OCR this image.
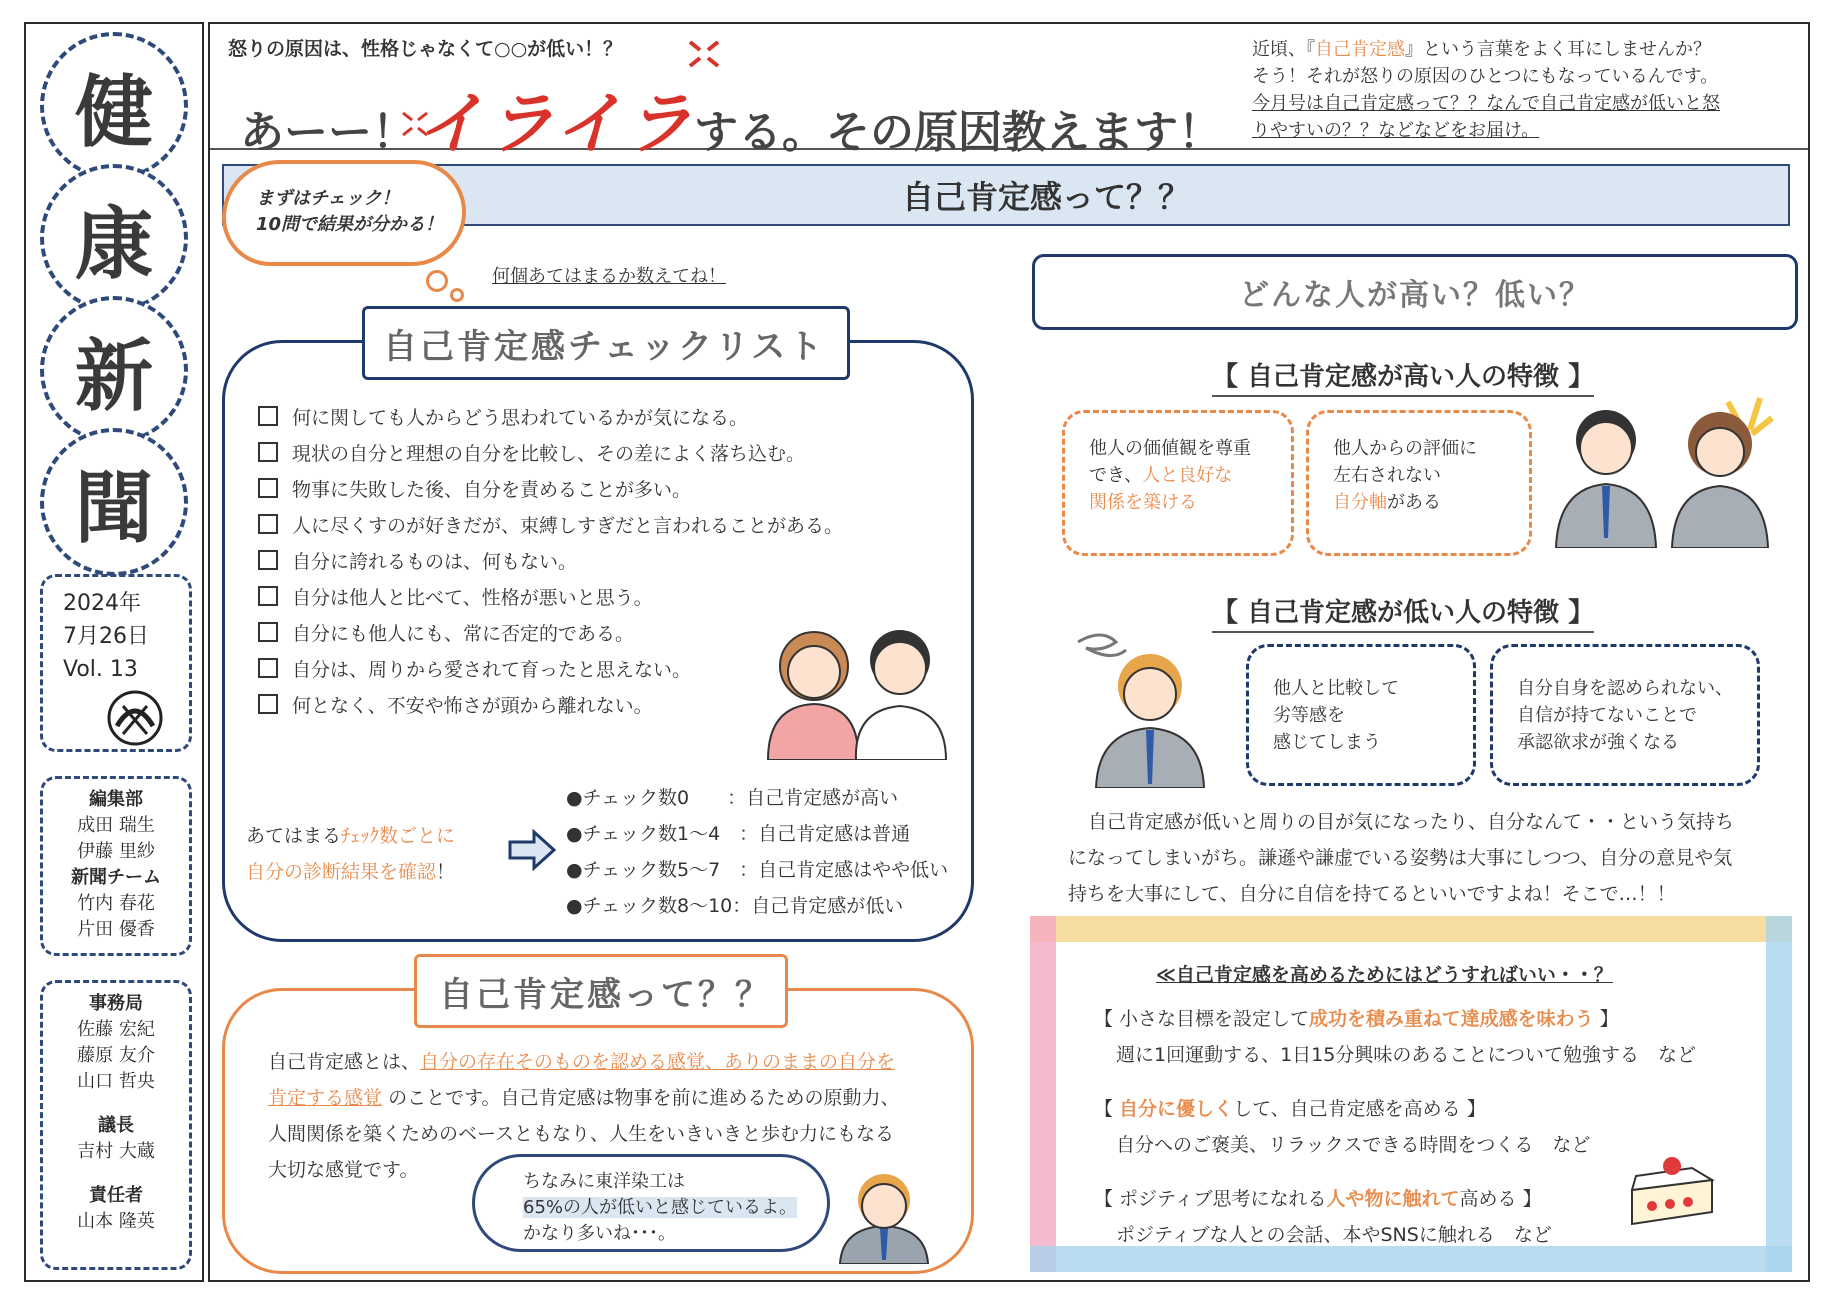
健
康
新
聞
2024年
7月26日
Vol. 13
編集部
成田 瑞生
伊藤 里紗
新聞チーム
竹内 春花
片田 優香
事務局
佐藤 宏紀
藤原 友介
山口 哲央
議長
吉村 大蔵
責任者
山本 隆英
怒りの原因は、性格じゃなくて○○が低い！？
あーー！イライラする。その原因教えます！
近頃、『自己肯定感』という言葉をよく耳にしませんか？
そう！それが怒りの原因のひとつにもなっているんです。
今月号は自己肯定感って？？なんで自己肯定感が低いと怒
りやすいの？？などなどをお届け。
自己肯定感って？？
まずはチェック！
10問で結果が分かる！
何個あてはまるか数えてね！
自己肯定感チェックリスト
何に関しても人からどう思われているかが気になる。
現状の自分と理想の自分を比較し、その差によく落ち込む。
物事に失敗した後、自分を責めることが多い。
人に尽くすのが好きだが、束縛しすぎだと言われることがある。
自分に誇れるものは、何もない。
自分は他人と比べて、性格が悪いと思う。
自分にも他人にも、常に否定的である。
自分は、周りから愛されて育ったと思えない。
何となく、不安や怖さが頭から離れない。
あてはまるﾁｪｯｸ数ごとに
自分の診断結果を確認！
●チェック数0　　：自己肯定感が高い
●チェック数1～4　：自己肯定感は普通
●チェック数5～7　：自己肯定感はやや低い
●チェック数8～10：自己肯定感が低い
自己肯定感って？？
自己肯定感とは、自分の存在そのものを認める感覚、ありのままの自分を
肯定する感覚 のことです。自己肯定感は物事を前に進めるための原動力、
人間関係を築くためのベースともなり、人生をいきいきと歩む力にもなる
大切な感覚です。
ちなみに東洋染工は
65%の人が低いと感じているよ。
かなり多いね･･･。
どんな人が高い？低い？
【 自己肯定感が高い人の特徴 】
他人の価値観を尊重
でき、人と良好な
関係を築ける
他人からの評価に
左右されない
自分軸がある
【 自己肯定感が低い人の特徴 】
他人と比較して
劣等感を
感じてしまう
自分自身を認められない、
自信が持てないことで
承認欲求が強くなる
自己肯定感が低いと周りの目が気になったり、自分なんて・・という気持ちになってしまいがち。謙遜や謙虚でいる姿勢は大事にしつつ、自分の意見や気持ちを大事にして、自分に自信を持てるといいですよね！そこで…！！
≪自己肯定感を高めるためにはどうすればいい・・？
【 小さな目標を設定して成功を積み重ねて達成感を味わう 】
週に1回運動する、1日15分興味のあることについて勉強する　など
【 自分に優しくして、自己肯定感を高める 】
自分へのご褒美、リラックスできる時間をつくる　など
【 ポジティブ思考になれる人や物に触れて高める 】
ポジティブな人との会話、本やSNSに触れる　など
